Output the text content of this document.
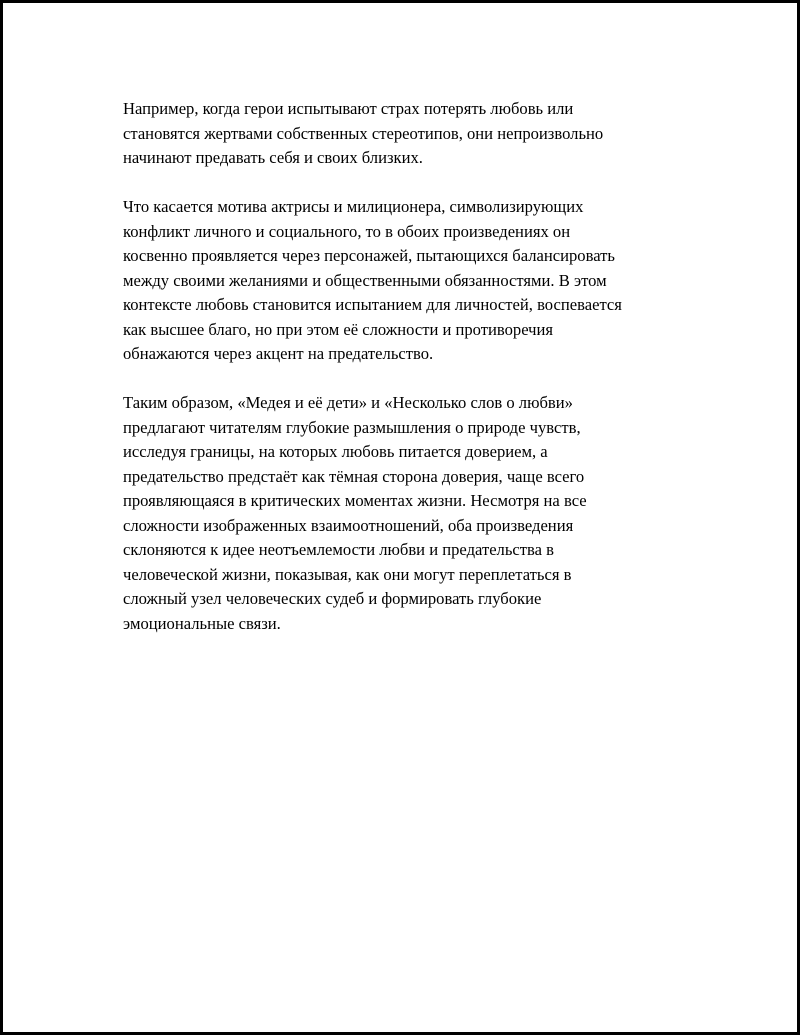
Например, когда герои испытывают страх потерять любовь или
становятся жертвами собственных стереотипов, они непроизвольно
начинают предавать себя и своих близких.

Что касается мотива актрисы и милиционера, символизирующих
конфликт личного и социального, то в обоих произведениях он
косвенно проявляется через персонажей, пытающихся балансировать
между своими желаниями и общественными обязанностями. В этом
контексте любовь становится испытанием для личностей, воспевается
как высшее благо, но при этом её сложности и противоречия
обнажаются через акцент на предательство.

Таким образом, «Медея и её дети» и «Несколько слов о любви»
предлагают читателям глубокие размышления о природе чувств,
исследуя границы, на которых любовь питается доверием, а
предательство предстаёт как тёмная сторона доверия, чаще всего
проявляющаяся в критических моментах жизни. Несмотря на все
сложности изображенных взаимоотношений, оба произведения
склоняются к идее неотъемлемости любви и предательства в
человеческой жизни, показывая, как они могут переплетаться в
сложный узел человеческих судеб и формировать глубокие
эмоциональные связи.
